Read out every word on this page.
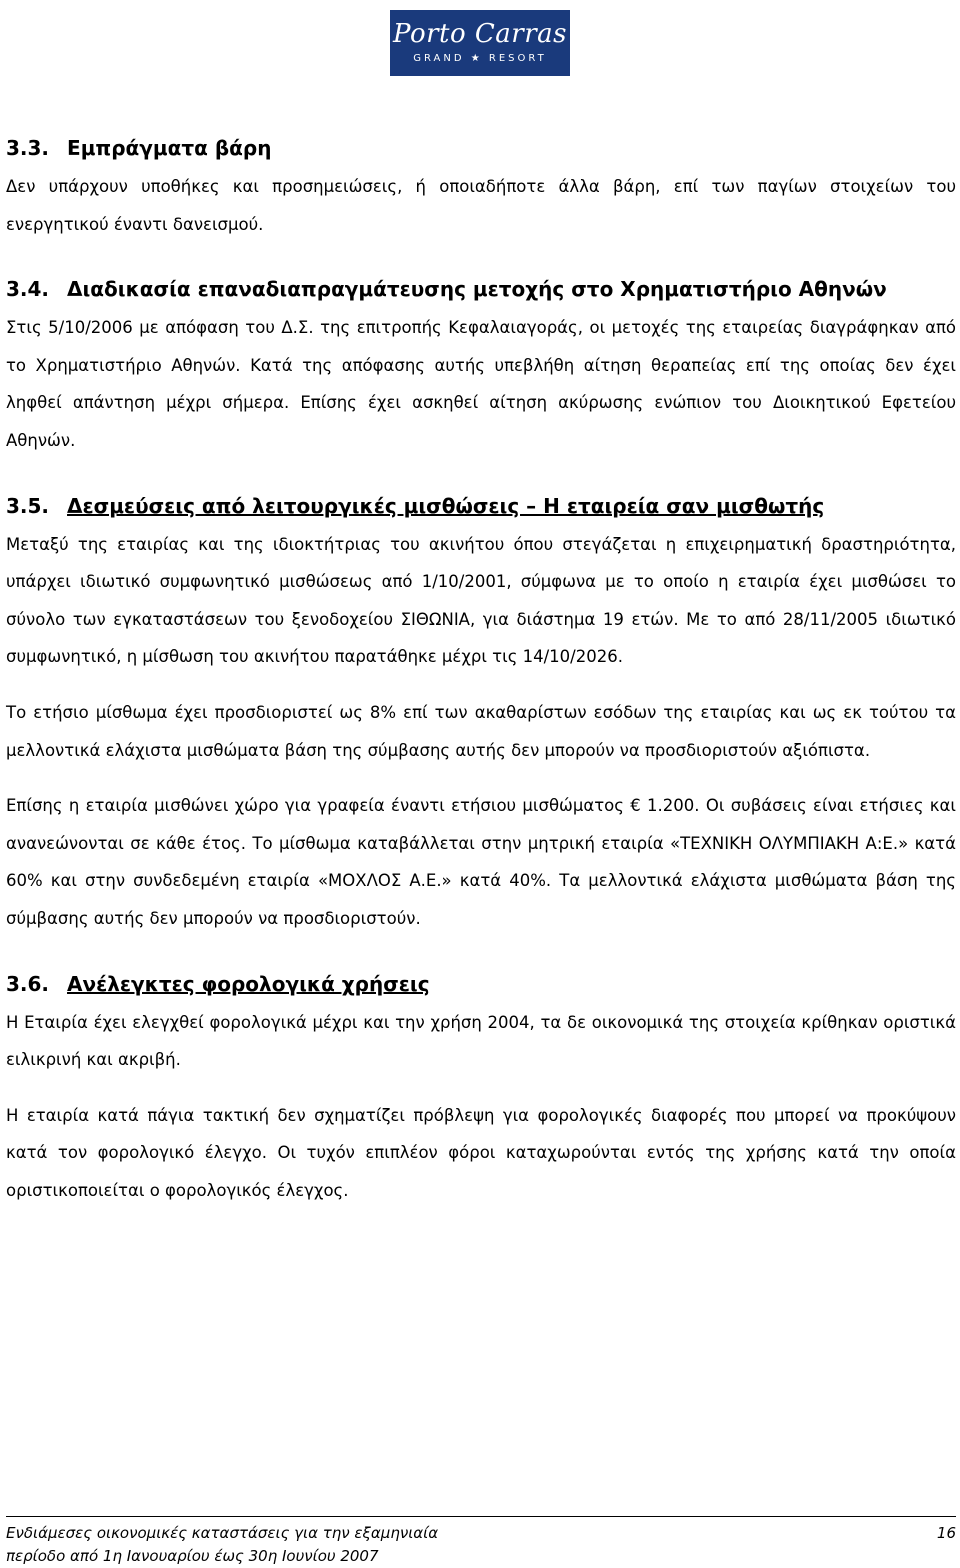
Porto Carras
GRAND ★ RESORT
3.3. Εμπράγματα βάρη

Δεν υπάρχουν υποθήκες και προσημειώσεις, ή οποιαδήποτε άλλα βάρη, επί των παγίων στοιχείων του ενεργητικού έναντι δανεισμού.

3.4. Διαδικασία επαναδιαπραγμάτευσης μετοχής στο Χρηματιστήριο Αθηνών

Στις 5/10/2006 με απόφαση του Δ.Σ. της επιτροπής Κεφαλαιαγοράς, οι μετοχές της εταιρείας διαγράφηκαν από το Χρηματιστήριο Αθηνών. Κατά της απόφασης αυτής υπεβλήθη αίτηση θεραπείας επί της οποίας δεν έχει ληφθεί απάντηση μέχρι σήμερα. Επίσης έχει ασκηθεί αίτηση ακύρωσης ενώπιον του Διοικητικού Εφετείου Αθηνών.

3.5. Δεσμεύσεις από λειτουργικές μισθώσεις – Η εταιρεία σαν μισθωτής

Μεταξύ της εταιρίας και της ιδιοκτήτριας του ακινήτου όπου στεγάζεται η επιχειρηματική δραστηριότητα, υπάρχει ιδιωτικό συμφωνητικό μισθώσεως από 1/10/2001, σύμφωνα με το οποίο η εταιρία έχει μισθώσει το σύνολο των εγκαταστάσεων του ξενοδοχείου ΣΙΘΩΝΙΑ, για διάστημα 19 ετών. Με το από 28/11/2005 ιδιωτικό συμφωνητικό, η μίσθωση του ακινήτου παρατάθηκε μέχρι τις 14/10/2026.

Το ετήσιο μίσθωμα έχει προσδιοριστεί ως 8% επί των ακαθαρίστων εσόδων της εταιρίας και ως εκ τούτου τα μελλοντικά ελάχιστα μισθώματα βάση της σύμβασης αυτής δεν μπορούν να προσδιοριστούν αξιόπιστα.

Επίσης η εταιρία μισθώνει χώρο για γραφεία έναντι ετήσιου μισθώματος € 1.200. Οι συβάσεις είναι ετήσιες και ανανεώνονται σε κάθε έτος. Το μίσθωμα καταβάλλεται στην μητρική εταιρία «ΤΕΧΝΙΚΗ ΟΛΥΜΠΙΑΚΗ Α:Ε.» κατά 60% και στην συνδεδεμένη εταιρία «ΜΟΧΛΟΣ Α.Ε.» κατά 40%. Τα μελλοντικά ελάχιστα μισθώματα βάση της σύμβασης αυτής δεν μπορούν να προσδιοριστούν.

3.6. Ανέλεγκτες φορολογικά χρήσεις

Η Εταιρία έχει ελεγχθεί φορολογικά μέχρι και την χρήση 2004, τα δε οικονομικά της στοιχεία κρίθηκαν οριστικά ειλικρινή και ακριβή.

Η εταιρία κατά πάγια τακτική δεν σχηματίζει πρόβλεψη για φορολογικές διαφορές που μπορεί να προκύψουν κατά τον φορολογικό έλεγχο. Οι τυχόν επιπλέον φόροι καταχωρούνται εντός της χρήσης κατά την οποία οριστικοποιείται ο φορολογικός έλεγχος.

Ενδιάμεσες οικονομικές καταστάσεις για την εξαμηνιαία	16
περίοδο από 1η Ιανουαρίου έως 30η Ιουνίου 2007
